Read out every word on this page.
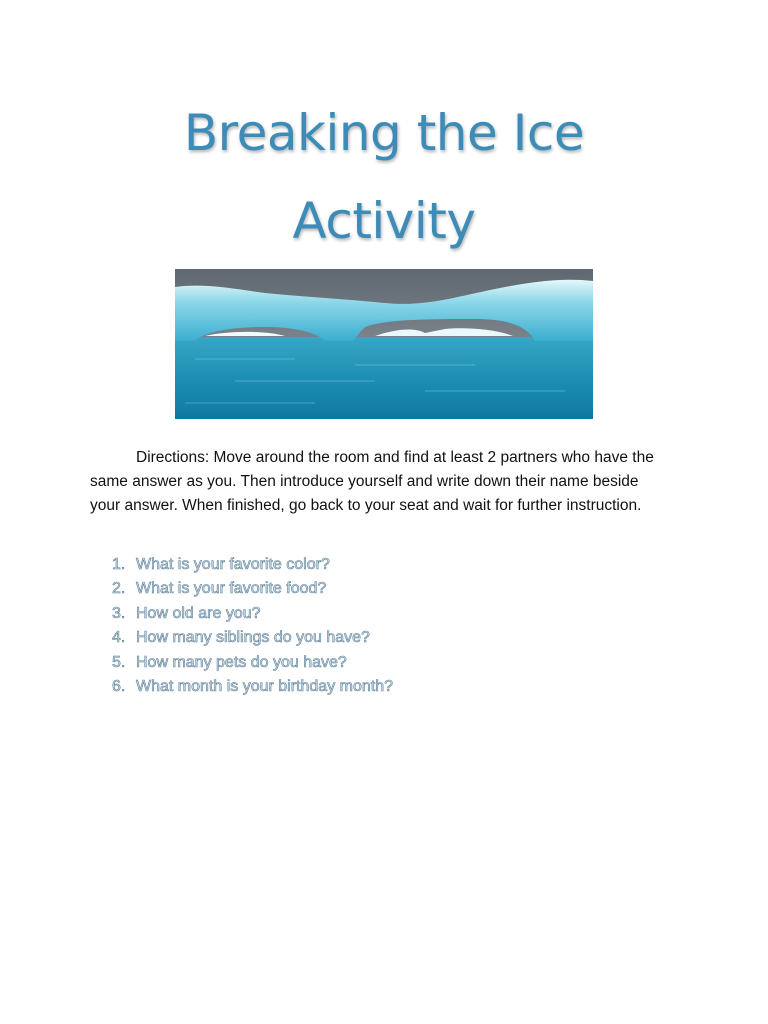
Breaking the Ice
Activity
Directions: Move around the room and find at least 2 partners who have the same answer as you. Then introduce yourself and write down their name beside your answer. When finished, go back to your seat and wait for further instruction.
1. What is your favorite color?
2. What is your favorite food?
3. How old are you?
4. How many siblings do you have?
5. How many pets do you have?
6. What month is your birthday month?
